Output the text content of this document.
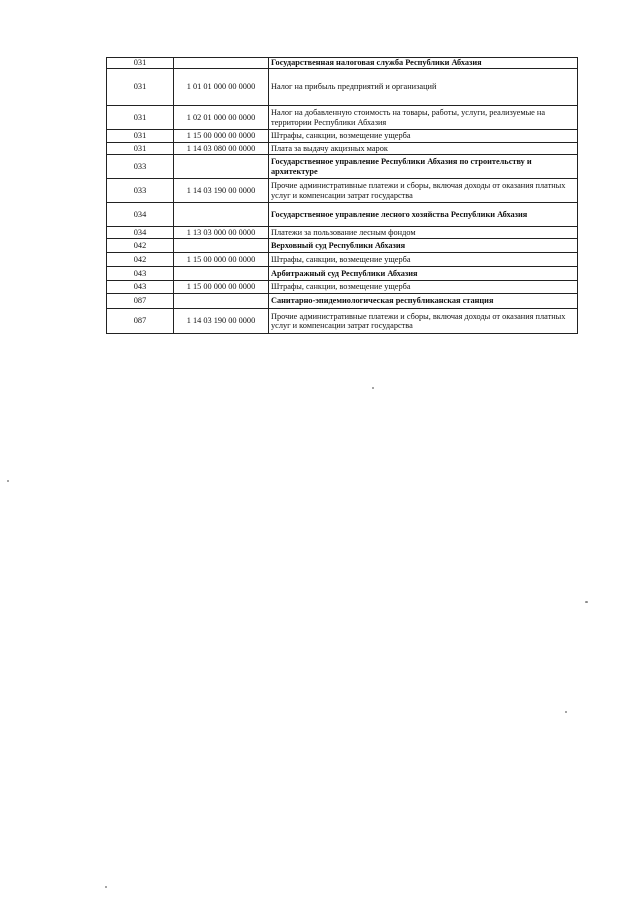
031		Государственная налоговая служба Республики Абхазия
031	1 01 01 000 00 0000	Налог на прибыль предприятий и организаций
031	1 02 01 000 00 0000	Налог на добавленную стоимость на товары, работы, услуги, реализуемые на территории Республики Абхазия
031	1 15 00 000 00 0000	Штрафы, санкции, возмещение ущерба
031	1 14 03 080 00 0000	Плата за выдачу акцизных марок
033		Государственное управление Республики Абхазия по строительству и архитектуре
033	1 14 03 190 00 0000	Прочие административные платежи и сборы, включая доходы от оказания платных услуг и компенсации затрат государства
034		Государственное управление лесного хозяйства Республики Абхазия
034	1 13 03 000 00 0000	Платежи за пользование лесным фондом
042		Верховный суд Республики Абхазия
042	1 15 00 000 00 0000	Штрафы, санкции, возмещение ущерба
043		Арбитражный суд Республики Абхазия
043	1 15 00 000 00 0000	Штрафы, санкции, возмещение ущерба
087		Санитарно-эпидемиологическая республиканская станция
087	1 14 03 190 00 0000	Прочие административные платежи и сборы, включая доходы от оказания платных услуг и компенсации затрат государства
